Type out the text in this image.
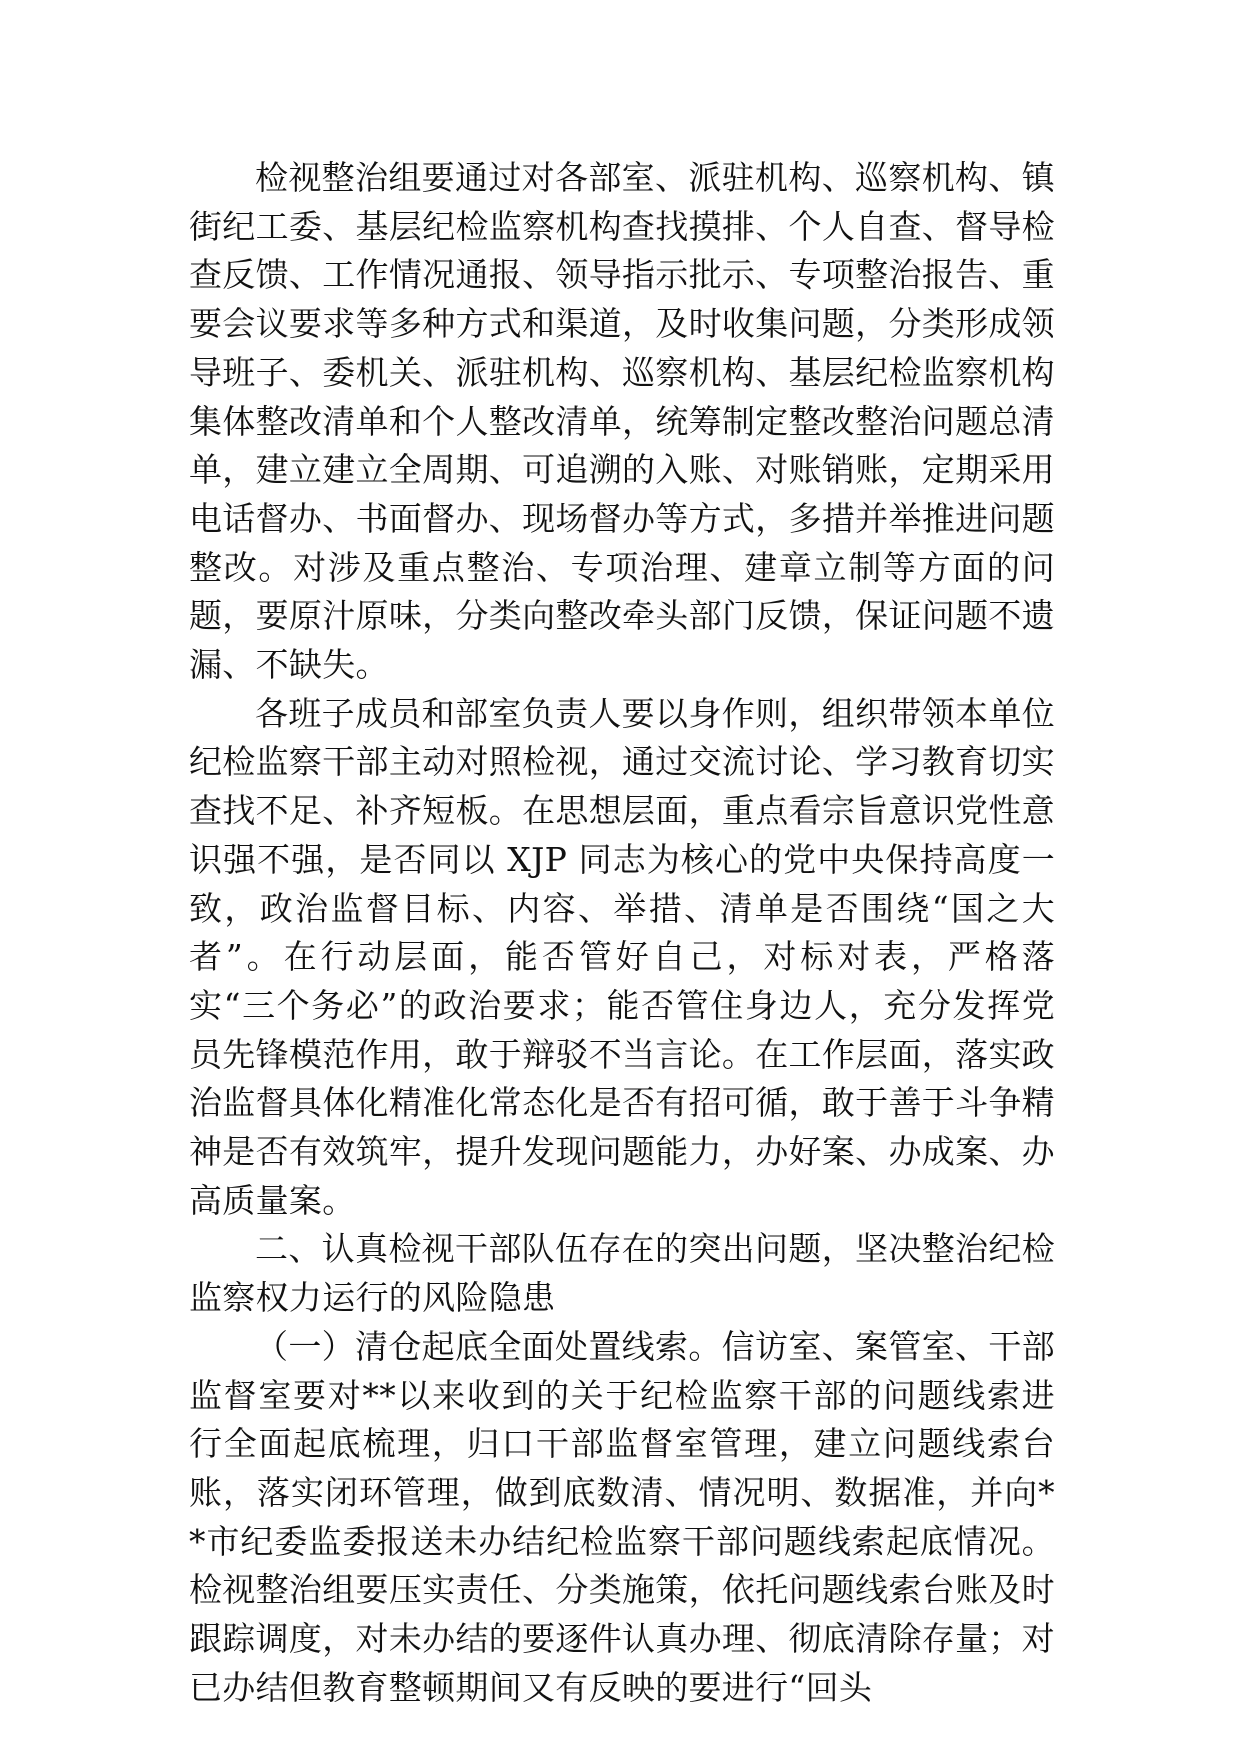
检视整治组要通过对各部室、派驻机构、巡察机构、镇街纪工委、基层纪检监察机构查找摸排、个人自查、督导检查反馈、工作情况通报、领导指示批示、专项整治报告、重要会议要求等多种方式和渠道，及时收集问题，分类形成领导班子、委机关、派驻机构、巡察机构、基层纪检监察机构集体整改清单和个人整改清单，统筹制定整改整治问题总清单，建立建立全周期、可追溯的入账、对账销账，定期采用电话督办、书面督办、现场督办等方式，多措并举推进问题整改。对涉及重点整治、专项治理、建章立制等方面的问题，要原汁原味，分类向整改牵头部门反馈，保证问题不遗漏、不缺失。

各班子成员和部室负责人要以身作则，组织带领本单位纪检监察干部主动对照检视，通过交流讨论、学习教育切实查找不足、补齐短板。在思想层面，重点看宗旨意识党性意识强不强，是否同以 XJP 同志为核心的党中央保持高度一致，政治监督目标、内容、举措、清单是否围绕“国之大者”。在行动层面，能否管好自己，对标对表，严格落实“三个务必”的政治要求；能否管住身边人，充分发挥党员先锋模范作用，敢于辩驳不当言论。在工作层面，落实政治监督具体化精准化常态化是否有招可循，敢于善于斗争精神是否有效筑牢，提升发现问题能力，办好案、办成案、办高质量案。

二、认真检视干部队伍存在的突出问题，坚决整治纪检监察权力运行的风险隐患

（一）清仓起底全面处置线索。信访室、案管室、干部监督室要对**以来收到的关于纪检监察干部的问题线索进行全面起底梳理，归口干部监督室管理，建立问题线索台账，落实闭环管理，做到底数清、情况明、数据准，并向**市纪委监委报送未办结纪检监察干部问题线索起底情况。检视整治组要压实责任、分类施策，依托问题线索台账及时跟踪调度，对未办结的要逐件认真办理、彻底清除存量；对已办结但教育整顿期间又有反映的要进行“回头
